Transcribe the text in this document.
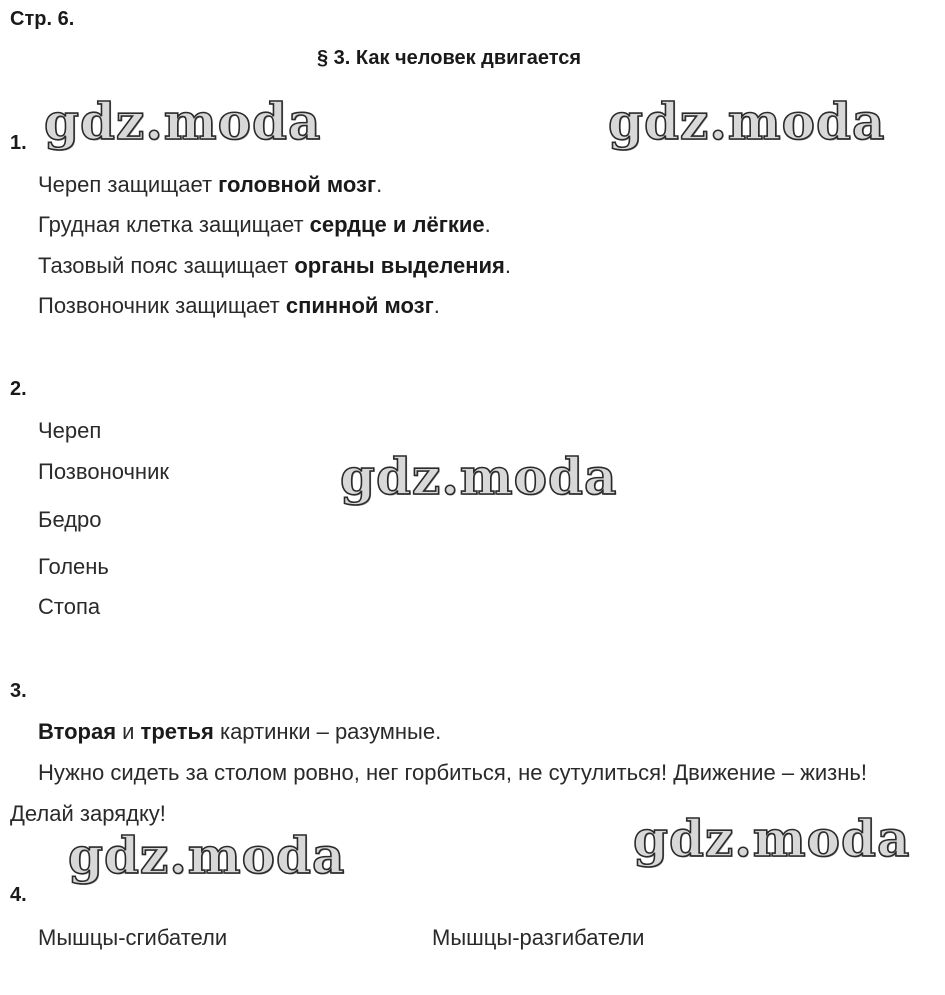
Стр. 6.
§ 3. Как человек двигается
gdz.moda	gdz.moda
gdz.moda
gdz.moda
gdz.moda
1.
Череп защищает головной мозг.
Грудная клетка защищает сердце и лёгкие.
Тазовый пояс защищает органы выделения.
Позвоночник защищает спинной мозг.
2.
Череп
Позвоночник
Бедро
Голень
Стопа
3.
Вторая и третья картинки – разумные.
Нужно сидеть за столом ровно, нег горбиться, не сутулиться! Движение – жизнь!
Делай зарядку!
4.
Мышцы-сгибатели	Мышцы-разгибатели
